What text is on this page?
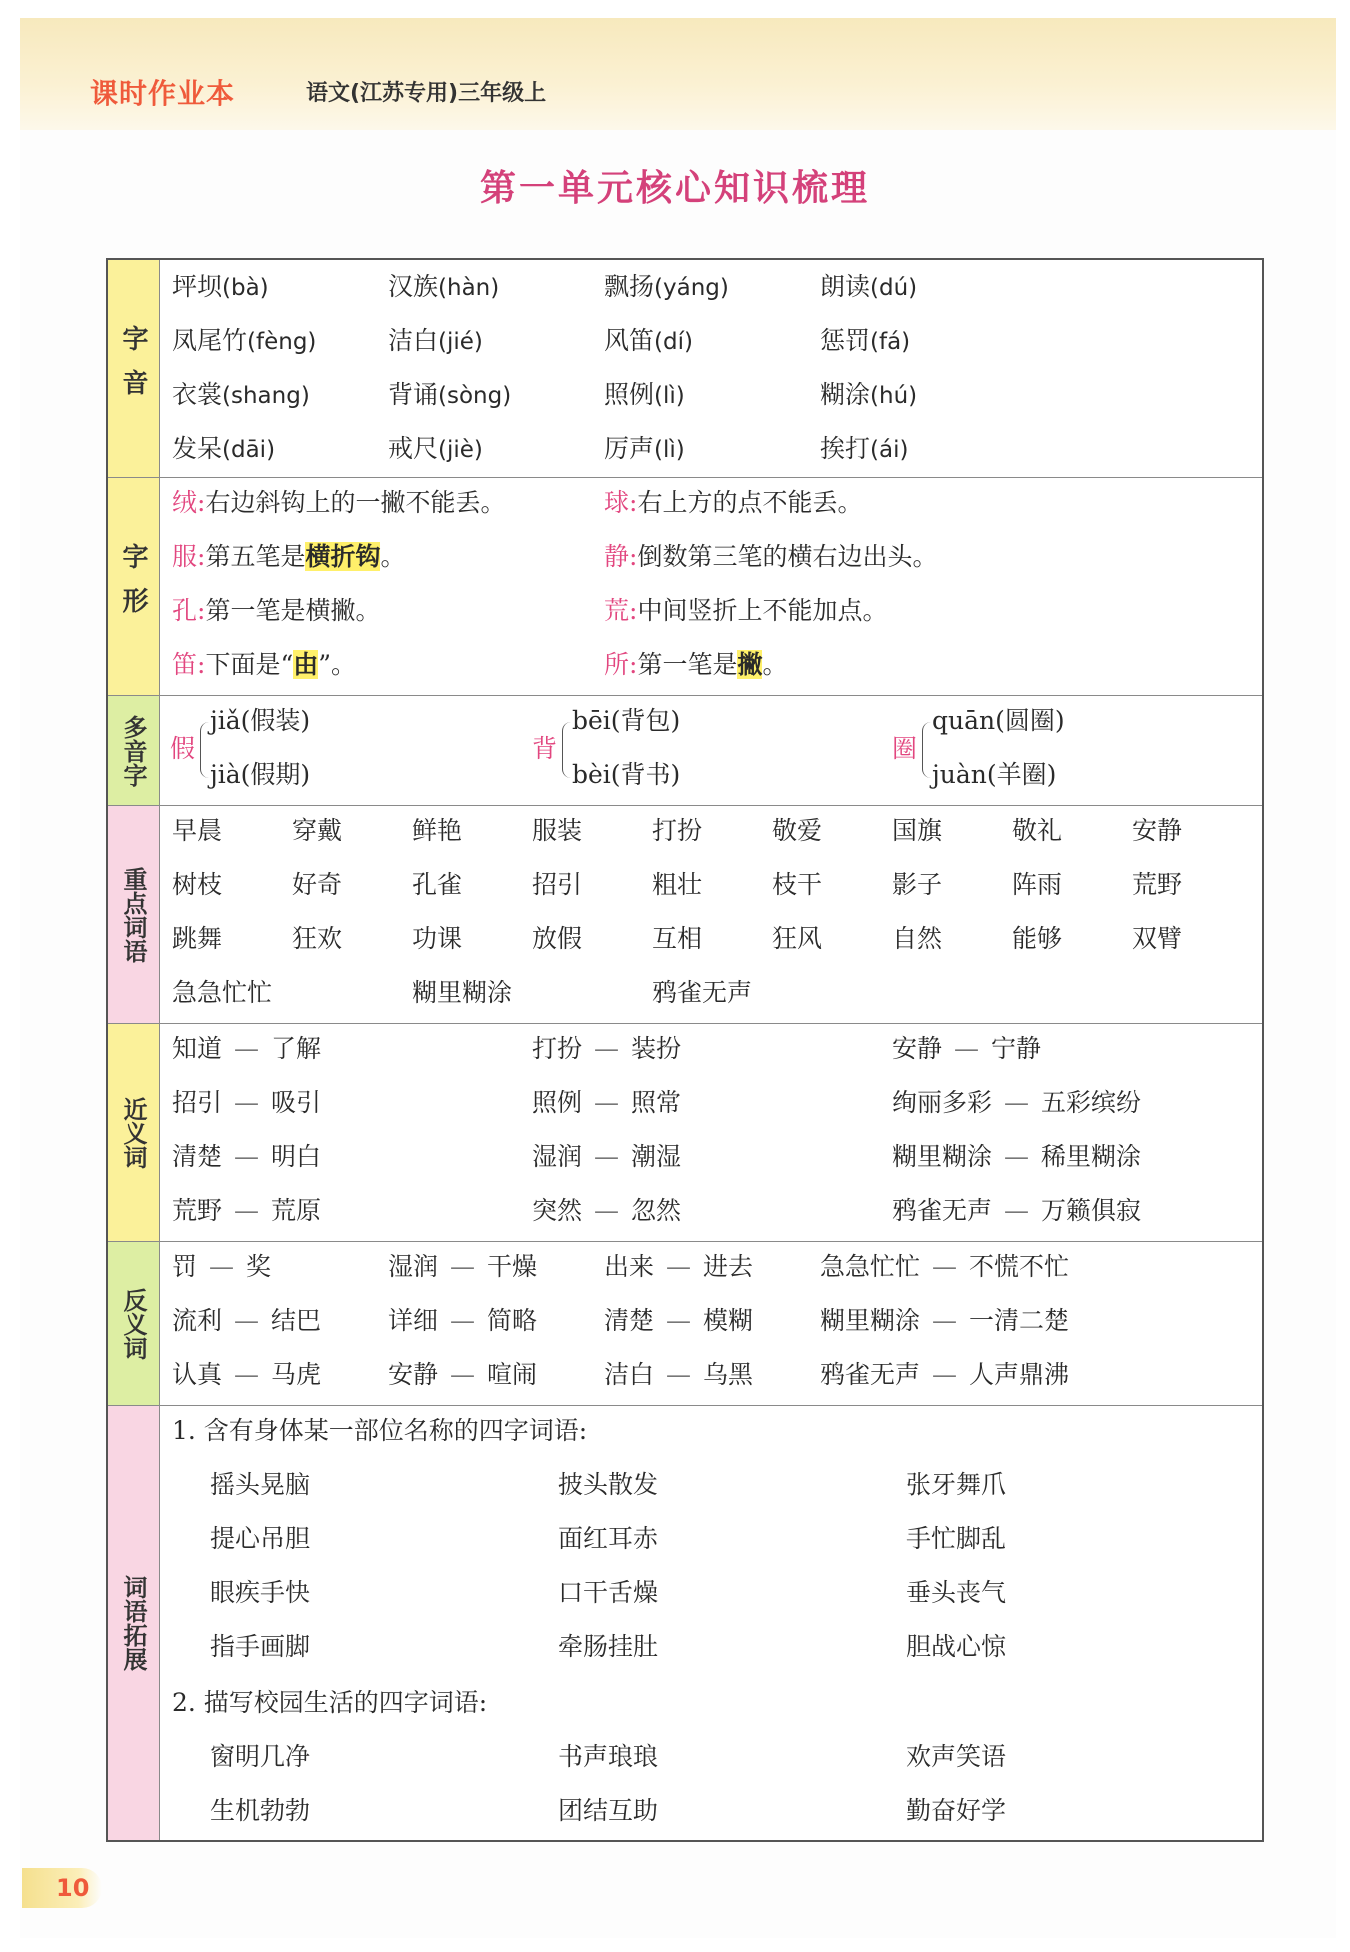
课时作业本	语文(江苏专用)三年级上
第一单元核心知识梳理
字音
坪坝(bà)	汉族(hàn)	飘扬(yáng)	朗读(dú)
凤尾竹(fèng)	洁白(jié)	风笛(dí)	惩罚(fá)
衣裳(shang)	背诵(sòng)	照例(lì)	糊涂(hú)
发呆(dāi)	戒尺(jiè)	厉声(lì)	挨打(ái)
字形
绒:右边斜钩上的一撇不能丢。	球:右上方的点不能丢。
服:第五笔是横折钩。	静:倒数第三笔的横右边出头。
孔:第一笔是横撇。	荒:中间竖折上不能加点。
笛:下面是“由”。	所:第一笔是撇。
多音字 假
jiǎ(假装)
jià(假期)
背
bēi(背包)
bèi(背书)
圈
quān(圆圈)
juàn(羊圈)
重点词语
早晨	穿戴	鲜艳	服装	打扮	敬爱	国旗	敬礼	安静
树枝	好奇	孔雀	招引	粗壮	枝干	影子	阵雨	荒野
跳舞	狂欢	功课	放假	互相	狂风	自然	能够	双臂
急急忙忙	糊里糊涂	鸦雀无声
近义词
知道 — 了解	打扮 — 装扮	安静 — 宁静
招引 — 吸引	照例 — 照常	绚丽多彩 — 五彩缤纷
清楚 — 明白	湿润 — 潮湿	糊里糊涂 — 稀里糊涂
荒野 — 荒原	突然 — 忽然	鸦雀无声 — 万籁俱寂
反义词
罚 — 奖	湿润 — 干燥	出来 — 进去	急急忙忙 — 不慌不忙
流利 — 结巴	详细 — 简略	清楚 — 模糊	糊里糊涂 — 一清二楚
认真 — 马虎	安静 — 喧闹	洁白 — 乌黑	鸦雀无声 — 人声鼎沸
词语拓展
1. 含有身体某一部位名称的四字词语:
摇头晃脑	披头散发	张牙舞爪
提心吊胆	面红耳赤	手忙脚乱
眼疾手快	口干舌燥	垂头丧气
指手画脚	牵肠挂肚	胆战心惊
2. 描写校园生活的四字词语:
窗明几净	书声琅琅	欢声笑语
生机勃勃	团结互助	勤奋好学
10
